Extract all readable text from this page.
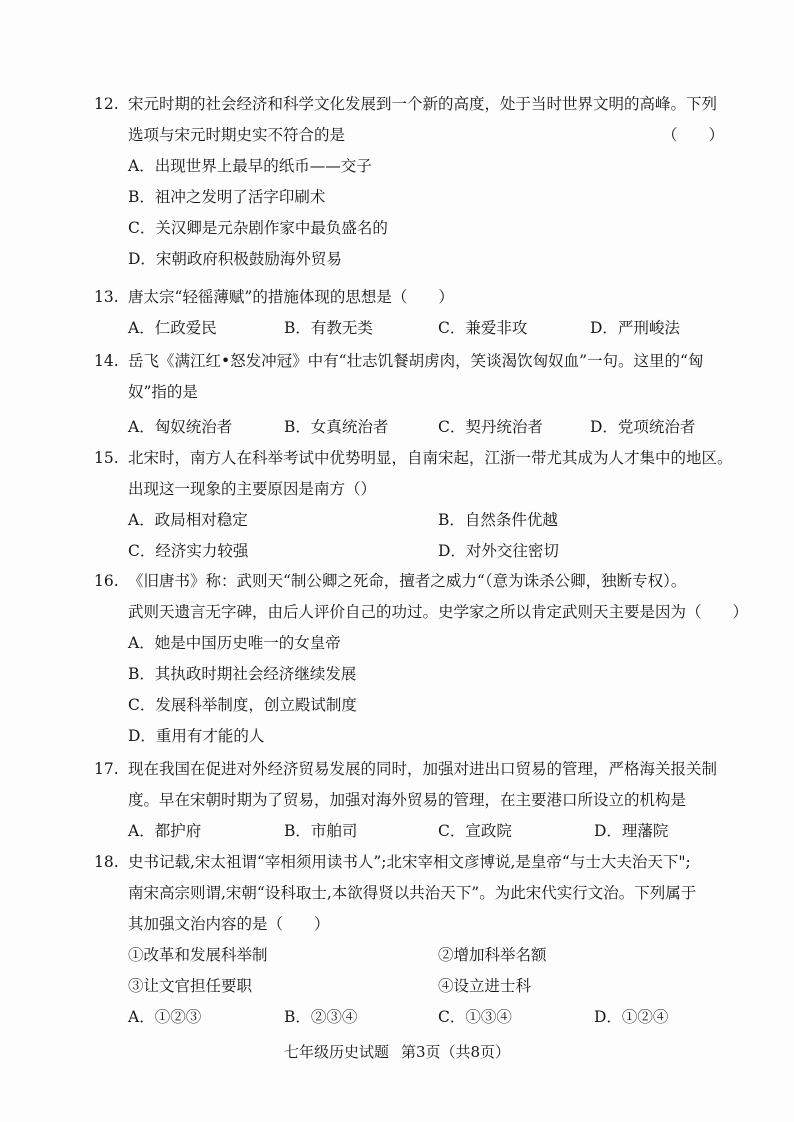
12. 宋元时期的社会经济和科学文化发展到一个新的高度，处于当时世界文明的高峰。下列
选项与宋元时期史实不符合的是	（　　）
A．出现世界上最早的纸币——交子
B．祖冲之发明了活字印刷术
C．关汉卿是元杂剧作家中最负盛名的
D．宋朝政府积极鼓励海外贸易
13. 唐太宗“轻徭薄赋”的措施体现的思想是（　　）
A．仁政爱民	B．有教无类	C．兼爱非攻	D．严刑峻法
14. 岳飞《满江红•怒发冲冠》中有“壮志饥餐胡虏肉，笑谈渴饮匈奴血”一句。这里的“匈
奴”指的是
A．匈奴统治者	B．女真统治者	C．契丹统治者	D．党项统治者
15. 北宋时，南方人在科举考试中优势明显，自南宋起，江浙一带尤其成为人才集中的地区。
出现这一现象的主要原因是南方（）
A．政局相对稳定	B．自然条件优越
C．经济实力较强	D．对外交往密切
16. 《旧唐书》称：武则天“制公卿之死命，擅者之威力“（意为诛杀公卿，独断专权）。
武则天遗言无字碑，由后人评价自己的功过。史学家之所以肯定武则天主要是因为（　　）
A．她是中国历史唯一的女皇帝
B．其执政时期社会经济继续发展
C．发展科举制度，创立殿试制度
D．重用有才能的人
17. 现在我国在促进对外经济贸易发展的同时，加强对进出口贸易的管理，严格海关报关制
度。早在宋朝时期为了贸易，加强对海外贸易的管理，在主要港口所设立的机构是
A．都护府	B．市舶司	C．宣政院	D．理藩院
18. 史书记载,宋太祖谓“宰相须用读书人”;北宋宰相文彦博说,是皇帝“与士大夫治天下";
南宋高宗则谓,宋朝“设科取士,本欲得贤以共治天下”。为此宋代实行文治。下列属于
其加强文治内容的是（　　）
①改革和发展科举制	②增加科举名额
③让文官担任要职	④设立进士科
A．①②③	B．②③④	C．①③④	D．①②④
七年级历史试题 第3页（共8页）
